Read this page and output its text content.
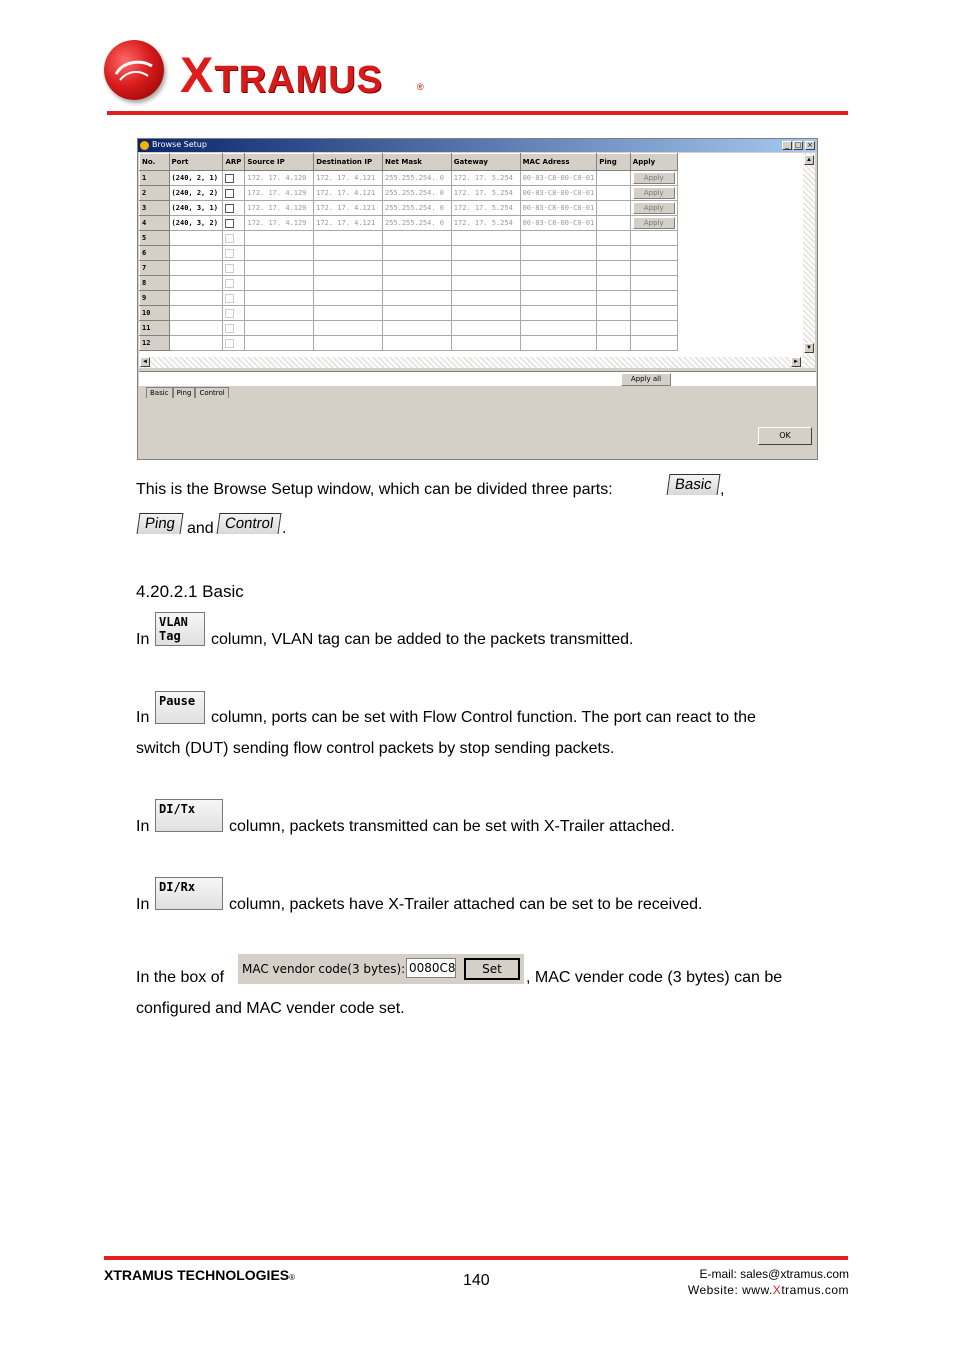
XTRAMUS	®
Browse Setup	_ □ ×
No.	Port	ARP	Source IP	Destination IP	Net Mask	Gateway	MAC Adress	Ping	Apply	
1	(240, 2, 1)		172. 17. 4.120	172. 17. 4.121	255.255.254. 0	172. 17. 5.254	00-83-C8-00-C0-01		Apply	
2	(240, 2, 2)		172. 17. 4.129	172. 17. 4.121	255.255.254. 0	172. 17. 5.254	00-83-C8-00-C0-01		Apply	
3	(240, 3, 1)		172. 17. 4.120	172. 17. 4.121	255.255.254. 0	172. 17. 5.254	00-83-C8-00-C0-01		Apply	
4	(240, 3, 2)		172. 17. 4.129	172. 17. 4.121	255.255.254. 0	172. 17. 5.254	00-83-C8-00-C0-01		Apply	
5										
6										
7										
8										
9										
10										
11										
12										
▲
▼
◄	►
Apply all
Basic Ping Control
OK
This is the Browse Setup window, which can be divided three parts:	Basic ,
Ping and Control .
4.20.2.1 Basic
In
VLAN
Tag	column, VLAN tag can be added to the packets transmitted.
In
Pause
column, ports can be set with Flow Control function. The port can react to the
switch (DUT) sending flow control packets by stop sending packets.
In
DI/Tx
column, packets transmitted can be set with X-Trailer attached.
In
DI/Rx
column, packets have X-Trailer attached can be set to be received.
In the box of MAC vendor code(3 bytes): 0080C8	Set	, MAC vender code (3 bytes) can be
configured and MAC vender code set.
XTRAMUS TECHNOLOGIES®	140	E-mail: sales@xtramus.com
Website: www.Xtramus.com
